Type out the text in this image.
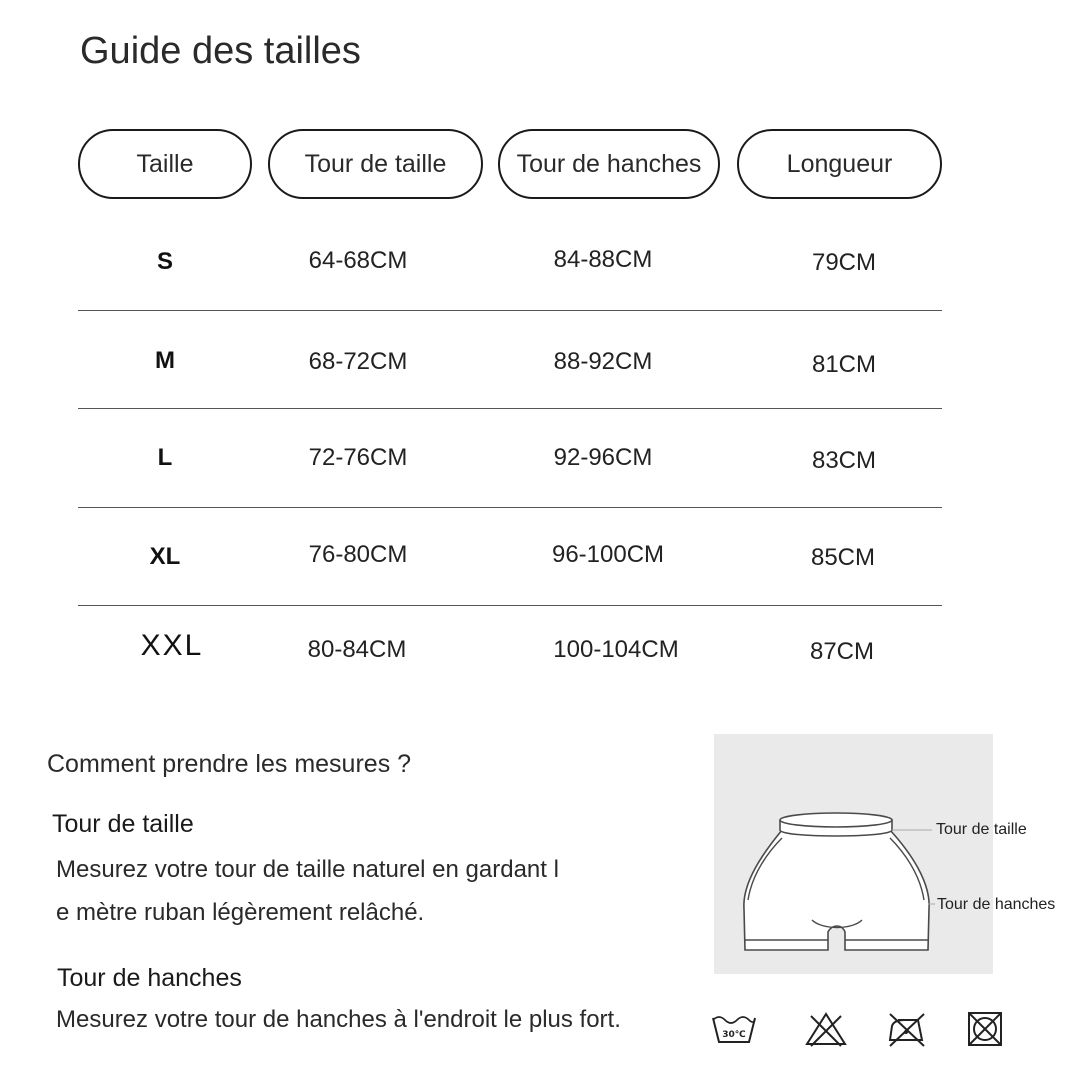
Guide des tailles
Taille	Tour de taille	Tour de hanches	Longueur
S	64-68CM	84-88CM	79CM
M	68-72CM	88-92CM	81CM
L	72-76CM	92-96CM	83CM
XL	76-80CM	96-100CM	85CM
XXL	80-84CM	100-104CM	87CM
Comment prendre les mesures ?
Tour de taille
Mesurez votre tour de taille naturel en gardant l
e mètre ruban légèrement relâché.
Tour de hanches
Mesurez votre tour de hanches à l'endroit le plus fort.
Tour de taille
Tour de hanches
30℃
